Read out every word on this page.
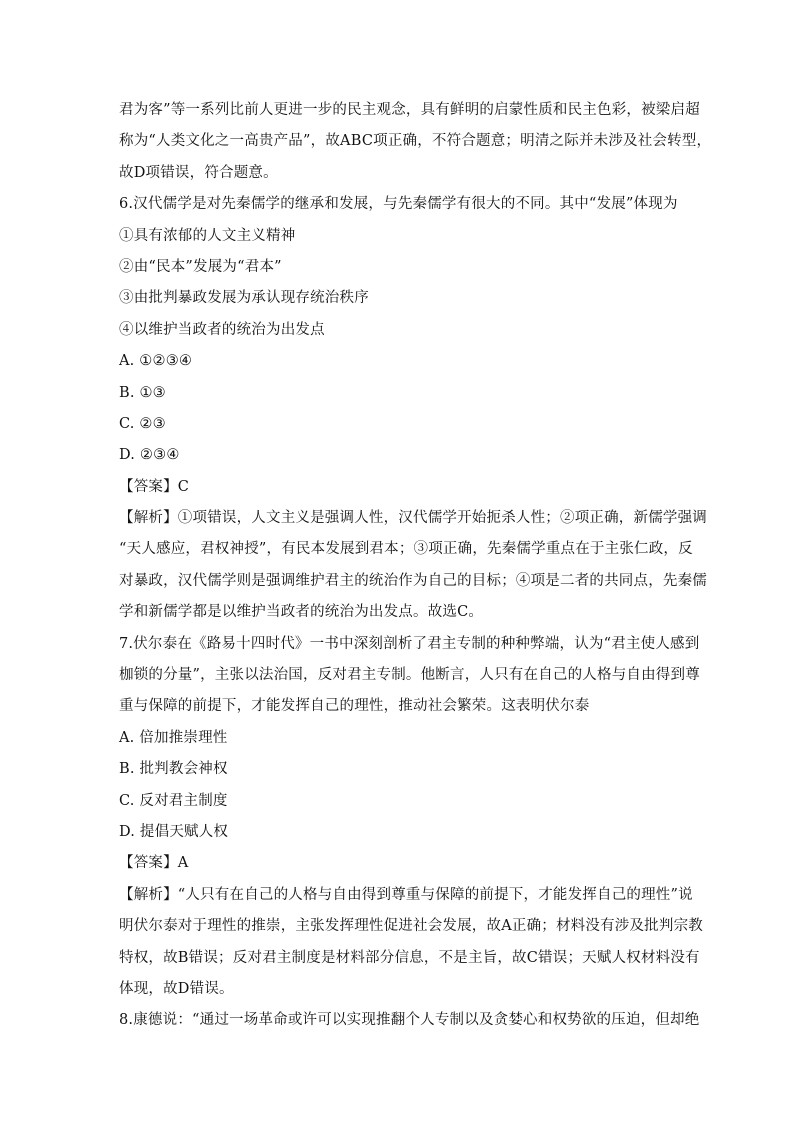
君为客”等一系列比前人更进一步的民主观念，具有鲜明的启蒙性质和民主色彩，被梁启超
称为“人类文化之一高贵产品”，故ABC项正确，不符合题意；明清之际并未涉及社会转型，
故D项错误，符合题意。
6.汉代儒学是对先秦儒学的继承和发展，与先秦儒学有很大的不同。其中“发展”体现为
①具有浓郁的人文主义精神
②由“民本”发展为“君本”
③由批判暴政发展为承认现存统治秩序
④以维护当政者的统治为出发点
A. ①②③④
B. ①③
C. ②③
D. ②③④
【答案】C
【解析】①项错误，人文主义是强调人性，汉代儒学开始扼杀人性；②项正确，新儒学强调
“天人感应，君权神授”，有民本发展到君本；③项正确，先秦儒学重点在于主张仁政，反
对暴政，汉代儒学则是强调维护君主的统治作为自己的目标；④项是二者的共同点，先秦儒
学和新儒学都是以维护当政者的统治为出发点。故选C。
7.伏尔泰在《路易十四时代》一书中深刻剖析了君主专制的种种弊端，认为“君主使人感到
枷锁的分量”，主张以法治国，反对君主专制。他断言，人只有在自己的人格与自由得到尊
重与保障的前提下，才能发挥自己的理性，推动社会繁荣。这表明伏尔泰
A. 倍加推崇理性
B. 批判教会神权
C. 反对君主制度
D. 提倡天赋人权
【答案】A
【解析】“人只有在自己的人格与自由得到尊重与保障的前提下，才能发挥自己的理性”说
明伏尔泰对于理性的推崇，主张发挥理性促进社会发展，故A正确；材料没有涉及批判宗教
特权，故B错误；反对君主制度是材料部分信息，不是主旨，故C错误；天赋人权材料没有
体现，故D错误。
8.康德说：“通过一场革命或许可以实现推翻个人专制以及贪婪心和权势欲的压迫，但却绝
